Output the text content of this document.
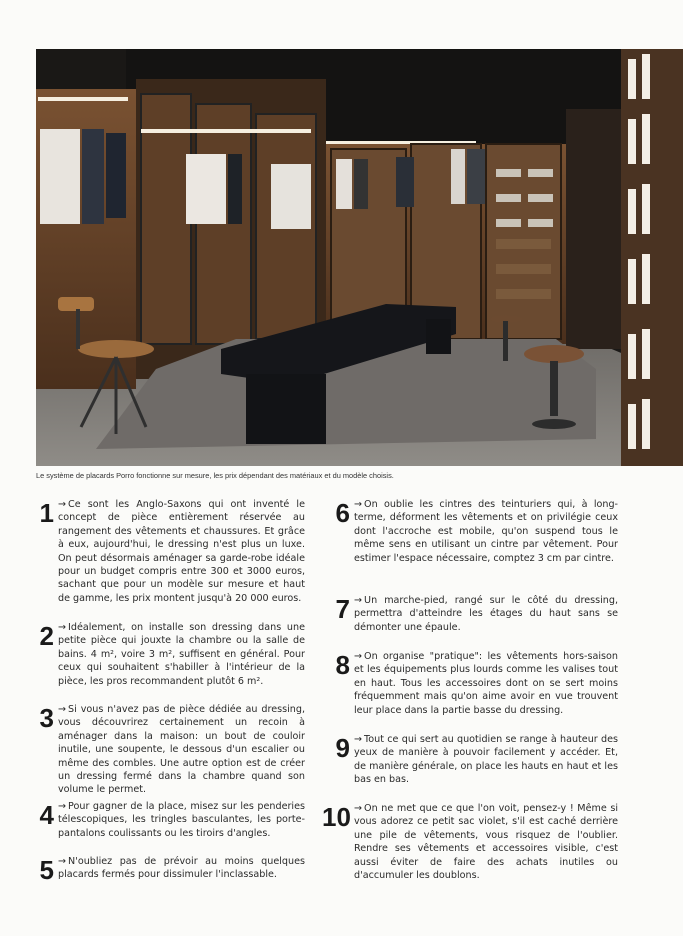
Le système de placards Porro fonctionne sur mesure, les prix dépendant des matériaux et du modèle choisis.
1 → Ce sont les Anglo-Saxons qui ont inventé le concept de pièce entièrement réservée au rangement des vêtements et chaussures. Et grâce à eux, aujourd'hui, le dressing n'est plus un luxe. On peut désormais aménager sa garde-robe idéale pour un budget compris entre 300 et 3000 euros, sachant que pour un modèle sur mesure et haut de gamme, les prix montent jusqu'à 20 000 euros.
2 → Idéalement, on installe son dressing dans une petite pièce qui jouxte la chambre ou la salle de bains. 4 m², voire 3 m², suffisent en général. Pour ceux qui souhaitent s'habiller à l'intérieur de la pièce, les pros recommandent plutôt 6 m².
3 → Si vous n'avez pas de pièce dédiée au dressing, vous découvrirez certainement un recoin à aménager dans la maison: un bout de couloir inutile, une soupente, le dessous d'un escalier ou même des combles. Une autre option est de créer un dressing fermé dans la chambre quand son volume le permet.
4 → Pour gagner de la place, misez sur les penderies télescopiques, les tringles basculantes, les porte-pantalons coulissants ou les tiroirs d'angles.
5 → N'oubliez pas de prévoir au moins quelques placards fermés pour dissimuler l'inclassable.
6 → On oublie les cintres des teinturiers qui, à long-terme, déforment les vêtements et on privilégie ceux dont l'accroche est mobile, qu'on suspend tous le même sens en utilisant un cintre par vêtement. Pour estimer l'espace nécessaire, comptez 3 cm par cintre.
7 → Un marche-pied, rangé sur le côté du dressing, permettra d'atteindre les étages du haut sans se démonter une épaule.
8 → On organise "pratique": les vêtements hors-saison et les équipements plus lourds comme les valises tout en haut. Tous les accessoires dont on se sert moins fréquemment mais qu'on aime avoir en vue trouvent leur place dans la partie basse du dressing.
9 → Tout ce qui sert au quotidien se range à hauteur des yeux de manière à pouvoir facilement y accéder. Et, de manière générale, on place les hauts en haut et les bas en bas.
10 → On ne met que ce que l'on voit, pensez-y ! Même si vous adorez ce petit sac violet, s'il est caché derrière une pile de vêtements, vous risquez de l'oublier. Rendre ses vêtements et accessoires visible, c'est aussi éviter de faire des achats inutiles ou d'accumuler les doublons.
